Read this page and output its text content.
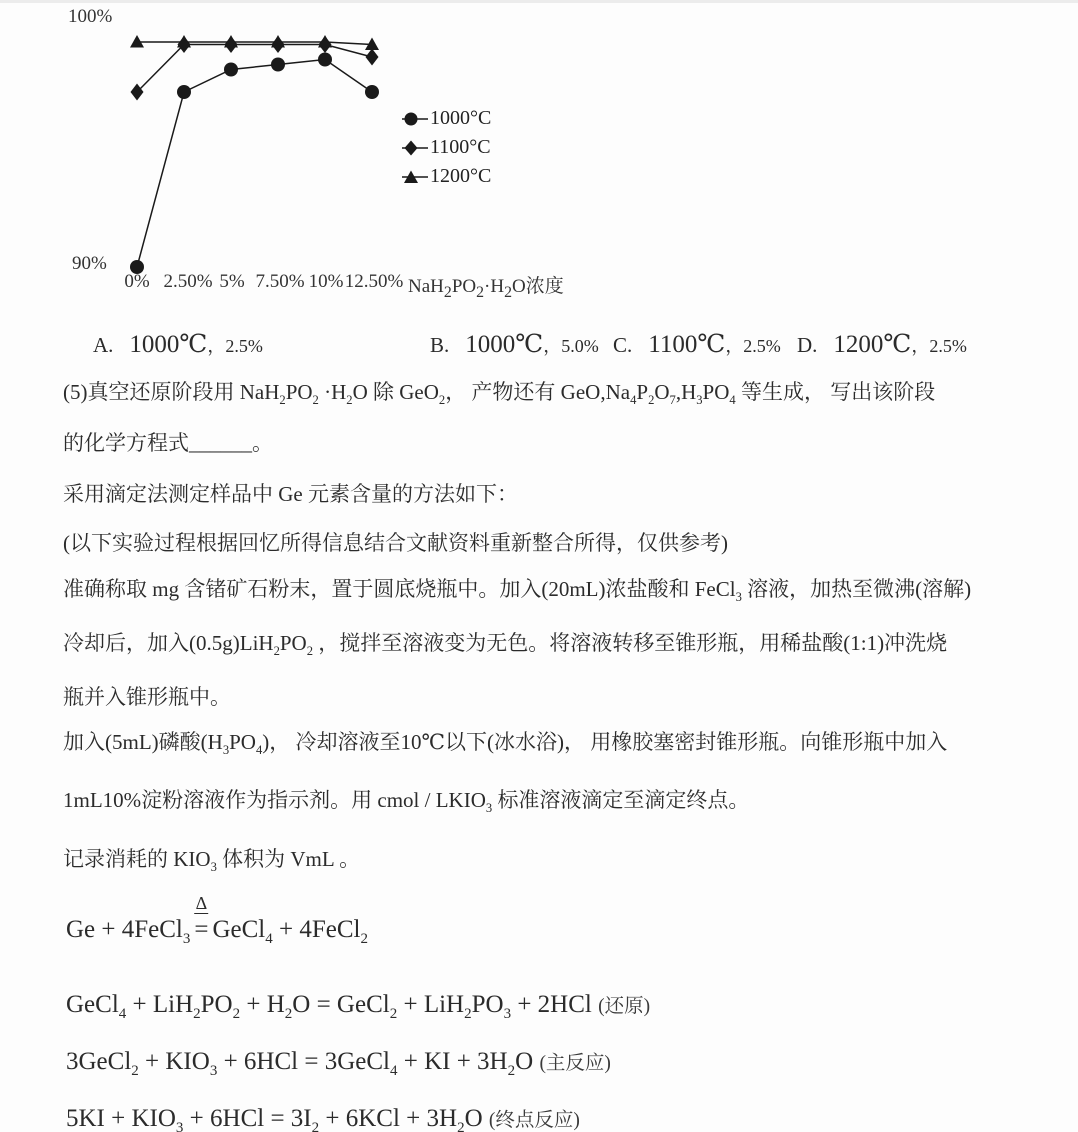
100%
90%
0% 2.50% 5% 7.50% 10% 12.50% $NaH_2PO_2\cdot H_2O$浓度
1000°C
1100°C
1200°C
A. 1000℃，2.5%	B. 1000℃，5.0% C. 1100℃，2.5% D. 1200℃，2.5%
(5)真空还原阶段用 $NaH_2PO_2 \cdot H_2O$ 除 GeO$_2$， 产物还有 $GeO,Na_4P_2O_7,H_3PO_4$ 等生成， 写出该阶段
的化学方程式______。
采用滴定法测定样品中 Ge 元素含量的方法如下：
(以下实验过程根据回忆所得信息结合文献资料重新整合所得，仅供参考)
准确称取 mg 含锗矿石粉末，置于圆底烧瓶中。加入(20mL)浓盐酸和 FeCl$_3$ 溶液，加热至微沸(溶解)
冷却后，加入$(0.5g)LiH_2PO_2$ ，搅拌至溶液变为无色。将溶液转移至锥形瓶，用稀盐酸(1:1)冲洗烧
瓶并入锥形瓶中。
加入(5mL)磷酸$(H_3PO_4)$， 冷却溶液至10℃以下(冰水浴)， 用橡胶塞密封锥形瓶。向锥形瓶中加入
1mL10%淀粉溶液作为指示剂。用 cmol / $LKIO_3$ 标准溶液滴定至滴定终点。
记录消耗的 $KIO_3$ 体积为 VmL 。
Ge + 4FeCl$_3$
Δ
= GeCl$_4$ + 4FeCl$_2$
GeCl$_4$ + $LiH_2PO_2 + H_2O$ = GeCl$_2$ + $LiH_2PO_3 + 2HCl$ (还原)
3GeCl$_2$ + $KIO_3 + 6HCl$ = 3GeCl$_4$ + KI + $3H_2O$ (主反应)
$5KI + KIO_3 + 6HCl = 3I_2 + 6KCl + 3H_2O$ (终点反应)
